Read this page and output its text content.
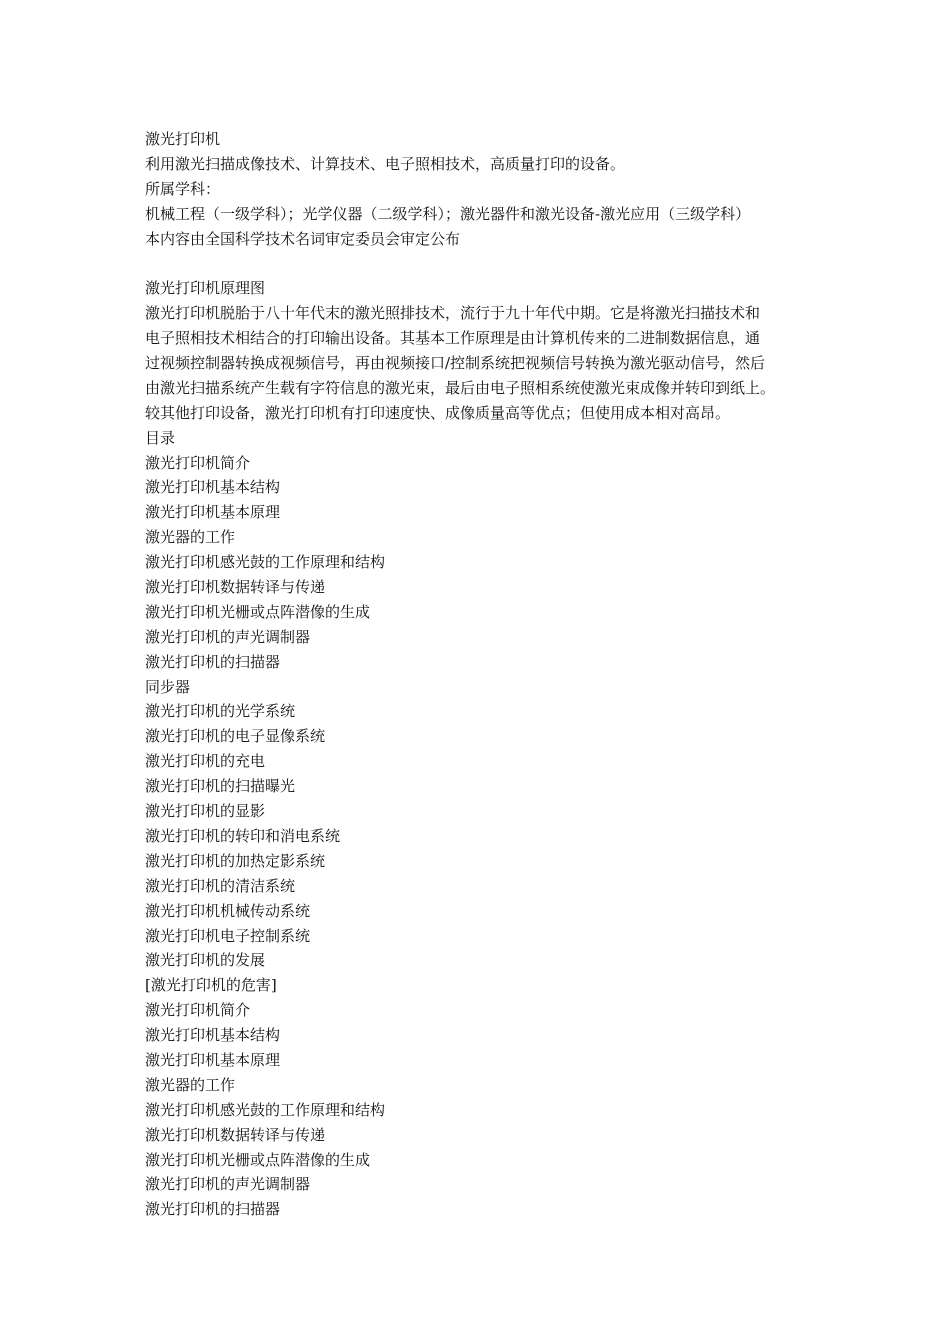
激光打印机
利用激光扫描成像技术、计算技术、电子照相技术，高质量打印的设备。
所属学科：
机械工程（一级学科）；光学仪器（二级学科）；激光器件和激光设备-激光应用（三级学科）
本内容由全国科学技术名词审定委员会审定公布
激光打印机原理图
激光打印机脱胎于八十年代末的激光照排技术，流行于九十年代中期。它是将激光扫描技术和
电子照相技术相结合的打印输出设备。其基本工作原理是由计算机传来的二进制数据信息，通
过视频控制器转换成视频信号，再由视频接口/控制系统把视频信号转换为激光驱动信号，然后
由激光扫描系统产生载有字符信息的激光束，最后由电子照相系统使激光束成像并转印到纸上。
较其他打印设备，激光打印机有打印速度快、成像质量高等优点；但使用成本相对高昂。
目录
激光打印机简介
激光打印机基本结构
激光打印机基本原理
激光器的工作
激光打印机感光鼓的工作原理和结构
激光打印机数据转译与传递
激光打印机光栅或点阵潜像的生成
激光打印机的声光调制器
激光打印机的扫描器
同步器
激光打印机的光学系统
激光打印机的电子显像系统
激光打印机的充电
激光打印机的扫描曝光
激光打印机的显影
激光打印机的转印和消电系统
激光打印机的加热定影系统
激光打印机的清洁系统
激光打印机机械传动系统
激光打印机电子控制系统
激光打印机的发展
[激光打印机的危害]
激光打印机简介
激光打印机基本结构
激光打印机基本原理
激光器的工作
激光打印机感光鼓的工作原理和结构
激光打印机数据转译与传递
激光打印机光栅或点阵潜像的生成
激光打印机的声光调制器
激光打印机的扫描器
